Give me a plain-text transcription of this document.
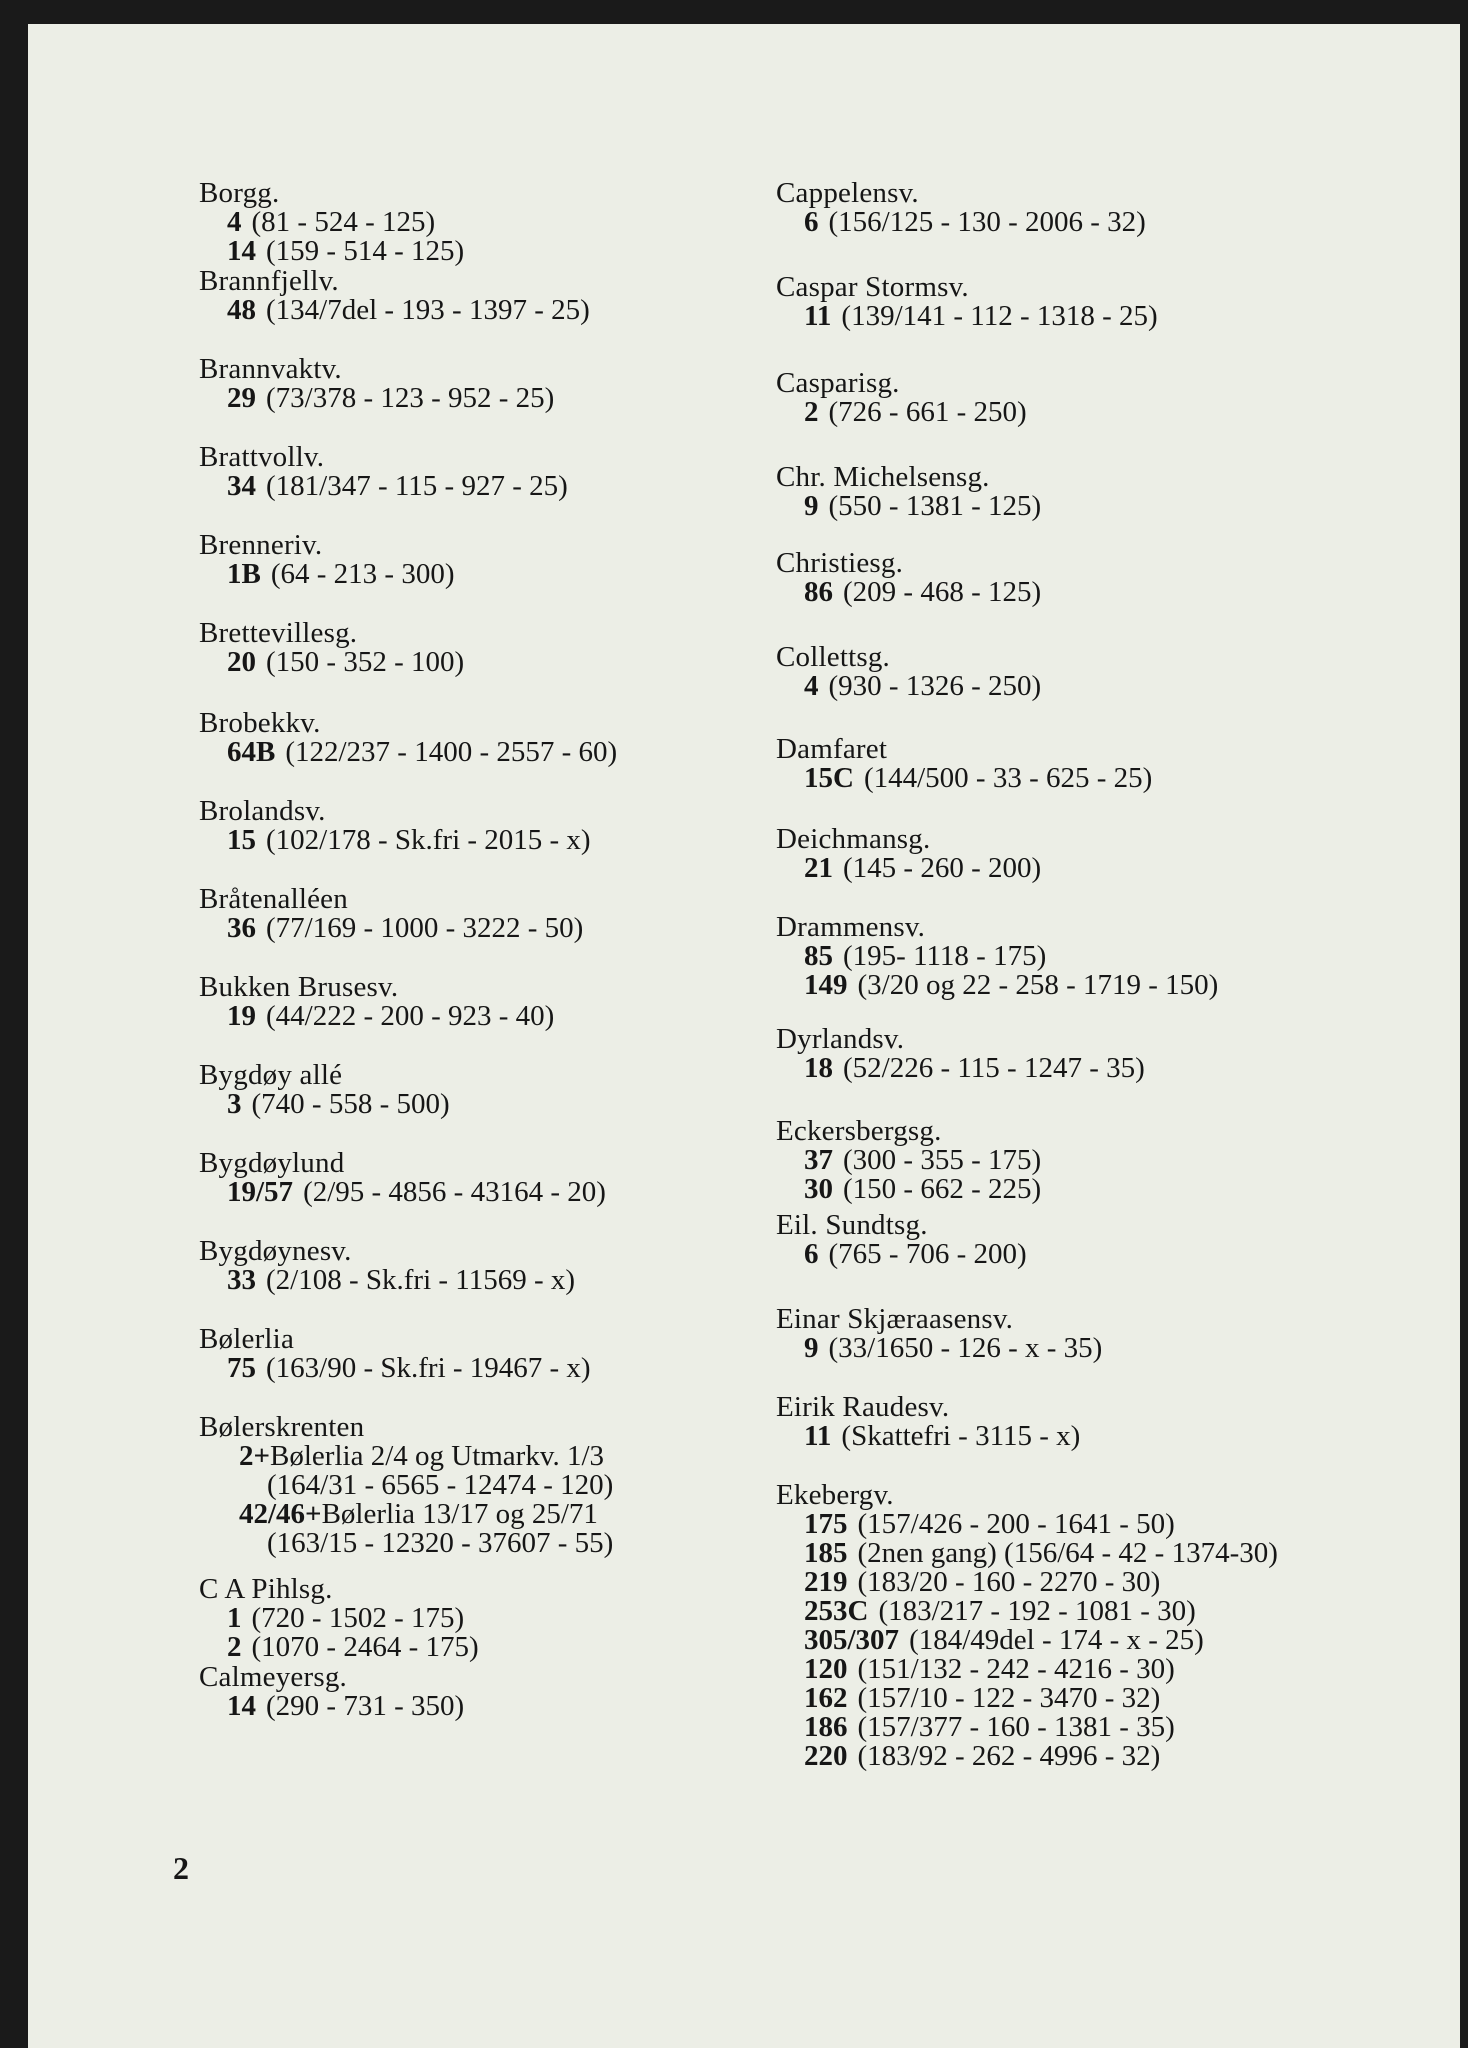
Borgg.
4 (81 - 524 - 125)
14 (159 - 514 - 125)
Brannfjellv.
48 (134/7del - 193 - 1397 - 25)
Brannvaktv.
29 (73/378 - 123 - 952 - 25)
Brattvollv.
34 (181/347 - 115 - 927 - 25)
Brenneriv.
1B (64 - 213 - 300)
Brettevillesg.
20 (150 - 352 - 100)
Brobekkv.
64B (122/237 - 1400 - 2557 - 60)
Brolandsv.
15 (102/178 - Sk.fri - 2015 - x)
Bråtenalléen
36 (77/169 - 1000 - 3222 - 50)
Bukken Brusesv.
19 (44/222 - 200 - 923 - 40)
Bygdøy allé
3 (740 - 558 - 500)
Bygdøylund
19/57 (2/95 - 4856 - 43164 - 20)
Bygdøynesv.
33 (2/108 - Sk.fri - 11569 - x)
Bølerlia
75 (163/90 - Sk.fri - 19467 - x)
Bølerskrenten
2+Bølerlia 2/4 og Utmarkv. 1/3
(164/31 - 6565 - 12474 - 120)
42/46+Bølerlia 13/17 og 25/71
(163/15 - 12320 - 37607 - 55)
C A Pihlsg.
1 (720 - 1502 - 175)
2 (1070 - 2464 - 175)
Calmeyersg.
14 (290 - 731 - 350)
Cappelensv.
6 (156/125 - 130 - 2006 - 32)
Caspar Stormsv.
11 (139/141 - 112 - 1318 - 25)
Casparisg.
2 (726 - 661 - 250)
Chr. Michelsensg.
9 (550 - 1381 - 125)
Christiesg.
86 (209 - 468 - 125)
Collettsg.
4 (930 - 1326 - 250)
Damfaret
15C (144/500 - 33 - 625 - 25)
Deichmansg.
21 (145 - 260 - 200)
Drammensv.
85 (195- 1118 - 175)
149 (3/20 og 22 - 258 - 1719 - 150)
Dyrlandsv.
18 (52/226 - 115 - 1247 - 35)
Eckersbergsg.
37 (300 - 355 - 175)
30 (150 - 662 - 225)
Eil. Sundtsg.
6 (765 - 706 - 200)
Einar Skjæraasensv.
9 (33/1650 - 126 - x - 35)
Eirik Raudesv.
11 (Skattefri - 3115 - x)
Ekebergv.
175 (157/426 - 200 - 1641 - 50)
185 (2nen gang) (156/64 - 42 - 1374-30)
219 (183/20 - 160 - 2270 - 30)
253C (183/217 - 192 - 1081 - 30)
305/307 (184/49del - 174 - x - 25)
120 (151/132 - 242 - 4216 - 30)
162 (157/10 - 122 - 3470 - 32)
186 (157/377 - 160 - 1381 - 35)
220 (183/92 - 262 - 4996 - 32)
2
